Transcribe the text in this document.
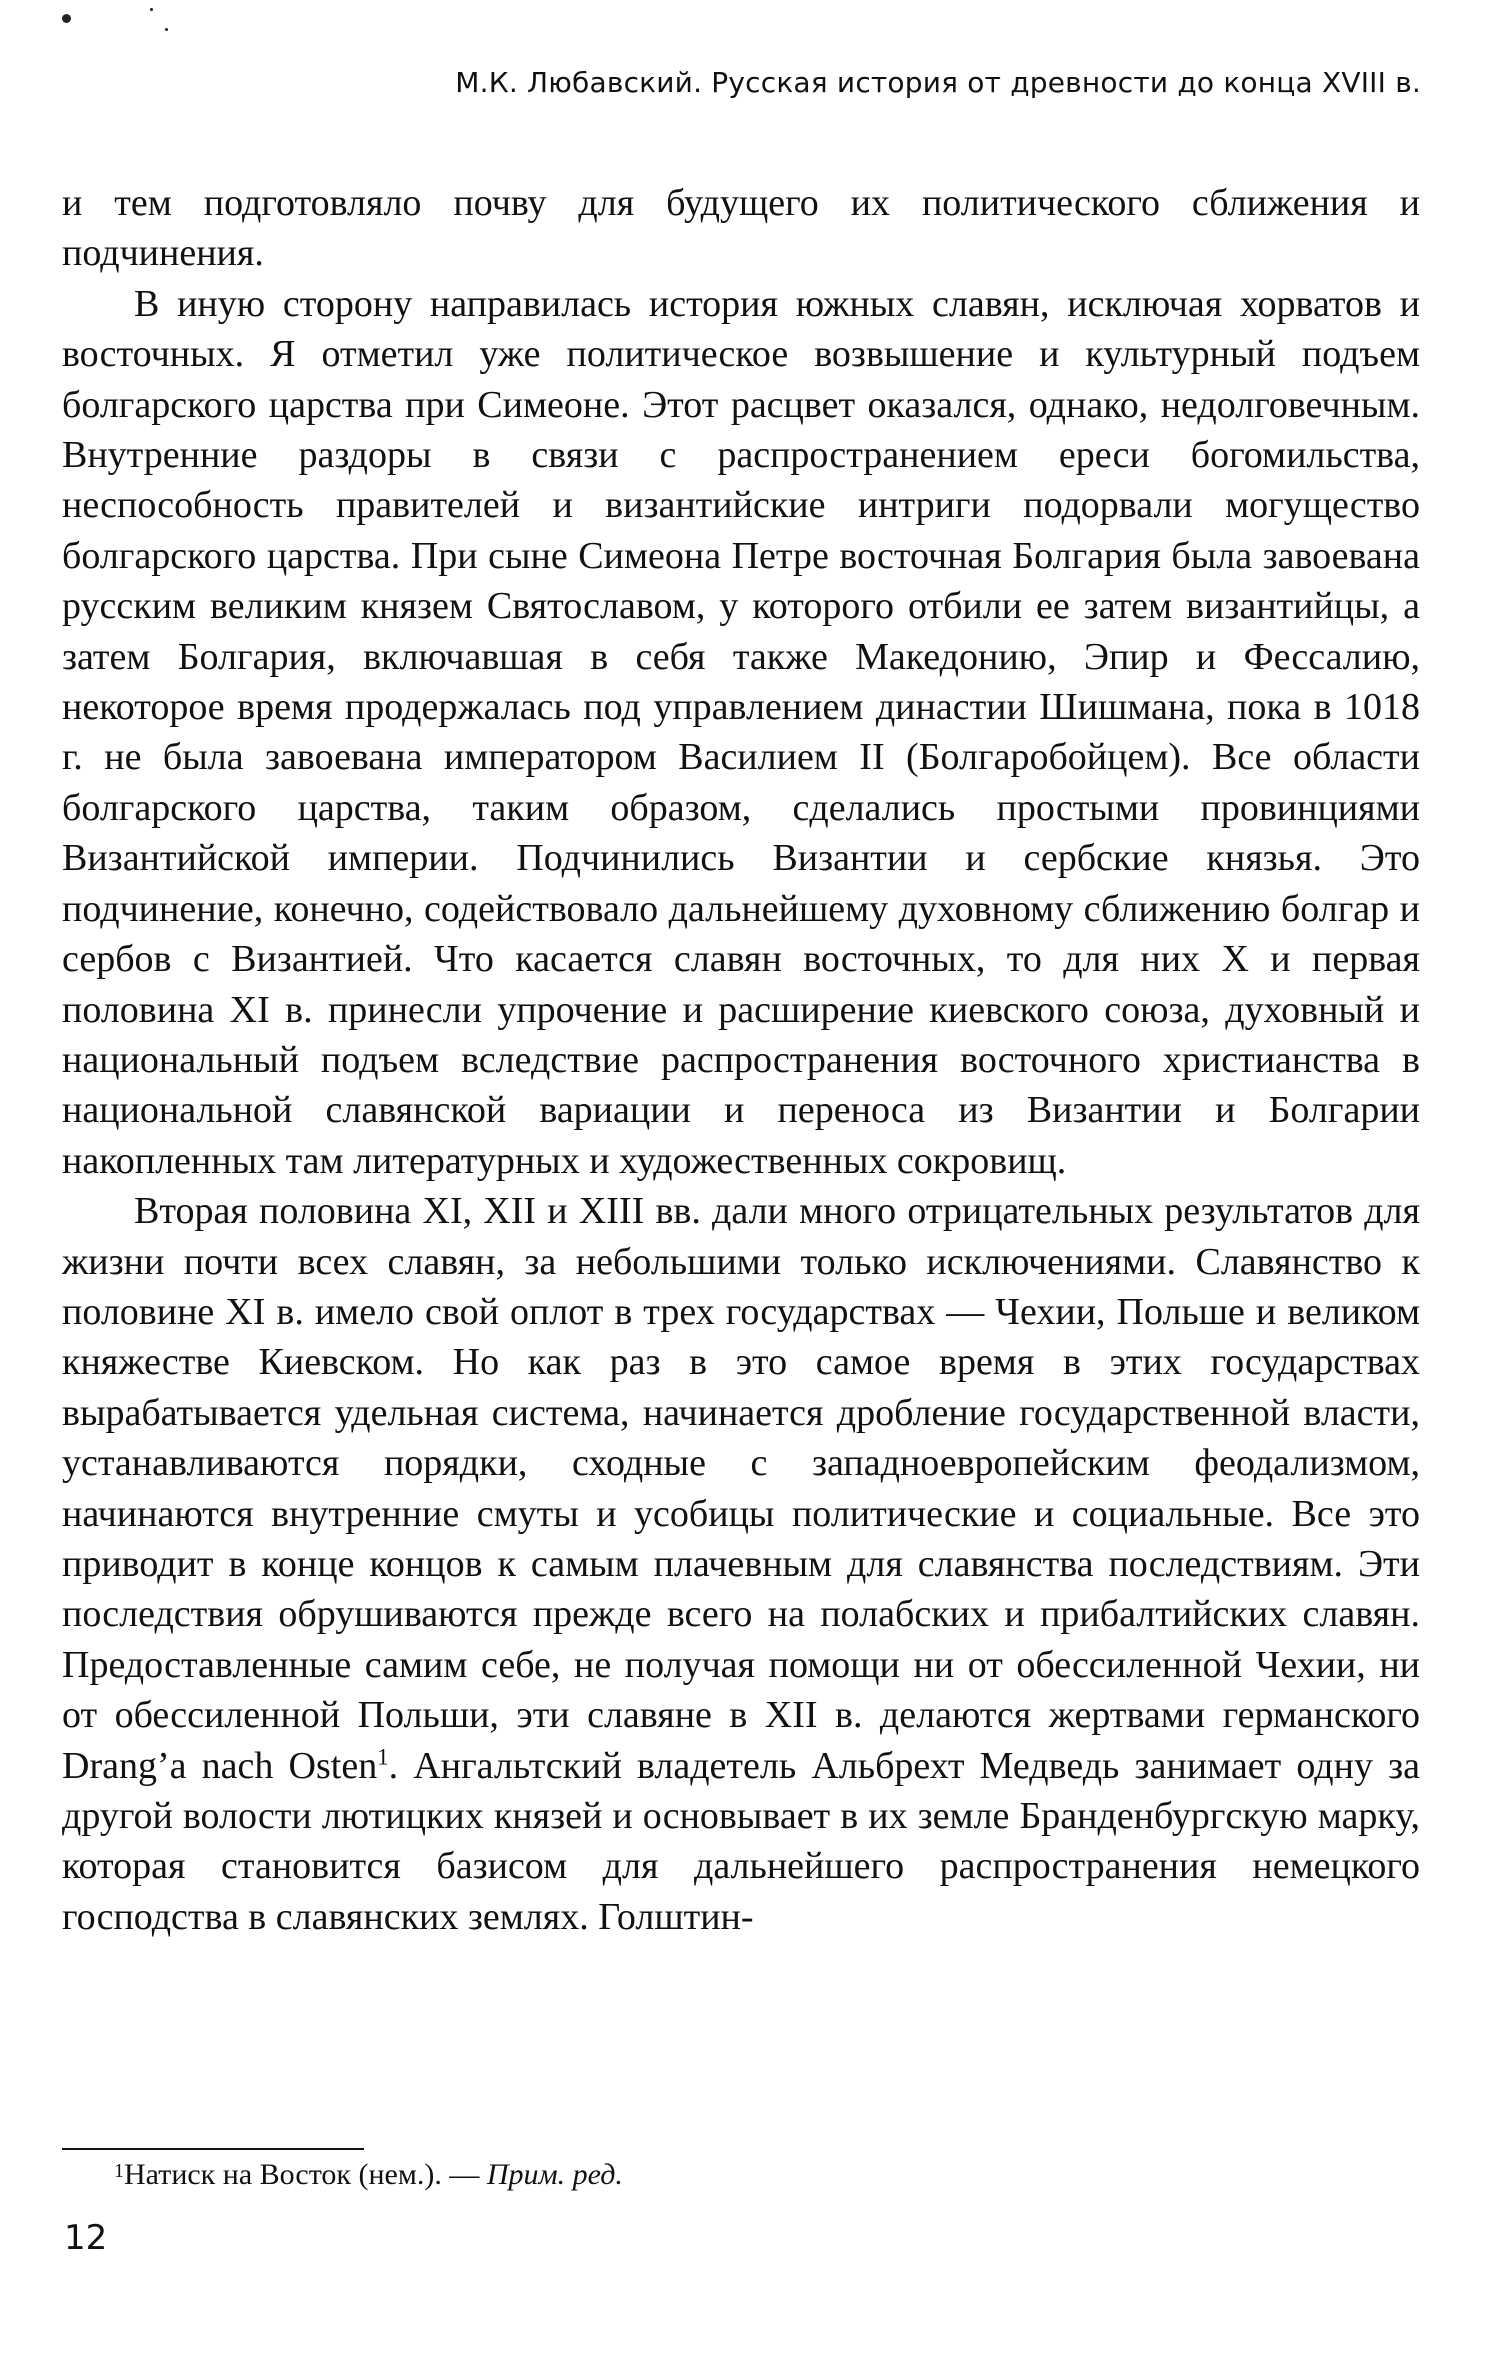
М.К. Любавский. Русская история от древности до конца XVIII в.

и тем подготовляло почву для будущего их политического сближения и подчинения.

В иную сторону направилась история южных славян, исключая хорватов и восточных. Я отметил уже политическое возвышение и культурный подъем болгарского царства при Симеоне. Этот расцвет оказался, однако, недолговечным. Внутренние раздоры в связи с распространением ереси богомильства, неспособность правителей и византийские интриги подорвали могущество болгарского царства. При сыне Симеона Петре восточная Болгария была завоевана русским великим князем Святославом, у которого отбили ее затем византийцы, а затем Болгария, включавшая в себя также Македонию, Эпир и Фессалию, некоторое время продержалась под управлением династии Шишмана, пока в 1018 г. не была завоевана императором Василием II (Болгаробойцем). Все области болгарского царства, таким образом, сделались простыми провинциями Византийской империи. Подчинились Византии и сербские князья. Это подчинение, конечно, содействовало дальнейшему духовному сближению болгар и сербов с Византией. Что касается славян восточных, то для них X и первая половина XI в. принесли упрочение и расширение киевского союза, духовный и национальный подъем вследствие распространения восточного христианства в национальной славянской вариации и переноса из Византии и Болгарии накопленных там литературных и художественных сокровищ.

Вторая половина XI, XII и XIII вв. дали много отрицательных результатов для жизни почти всех славян, за небольшими только исключениями. Славянство к половине XI в. имело свой оплот в трех государствах — Чехии, Польше и великом княжестве Киевском. Но как раз в это самое время в этих государствах вырабатывается удельная система, начинается дробление государственной власти, устанавливаются порядки, сходные с западноевропейским феодализмом, начинаются внутренние смуты и усобицы политические и социальные. Все это приводит в конце концов к самым плачевным для славянства последствиям. Эти последствия обрушиваются прежде всего на полабских и прибалтийских славян. Предоставленные самим себе, не получая помощи ни от обессиленной Чехии, ни от обессиленной Польши, эти славяне в XII в. делаются жертвами германского Drang’a nach Osten$^1$. Ангальтский владетель Альбрехт Медведь занимает одну за другой волости лютицких князей и основывает в их земле Бранденбургскую марку, которая становится базисом для дальнейшего распространения немецкого господства в славянских землях. Голштин-

1 Натиск на Восток (нем.). — Прим. ред.
12
